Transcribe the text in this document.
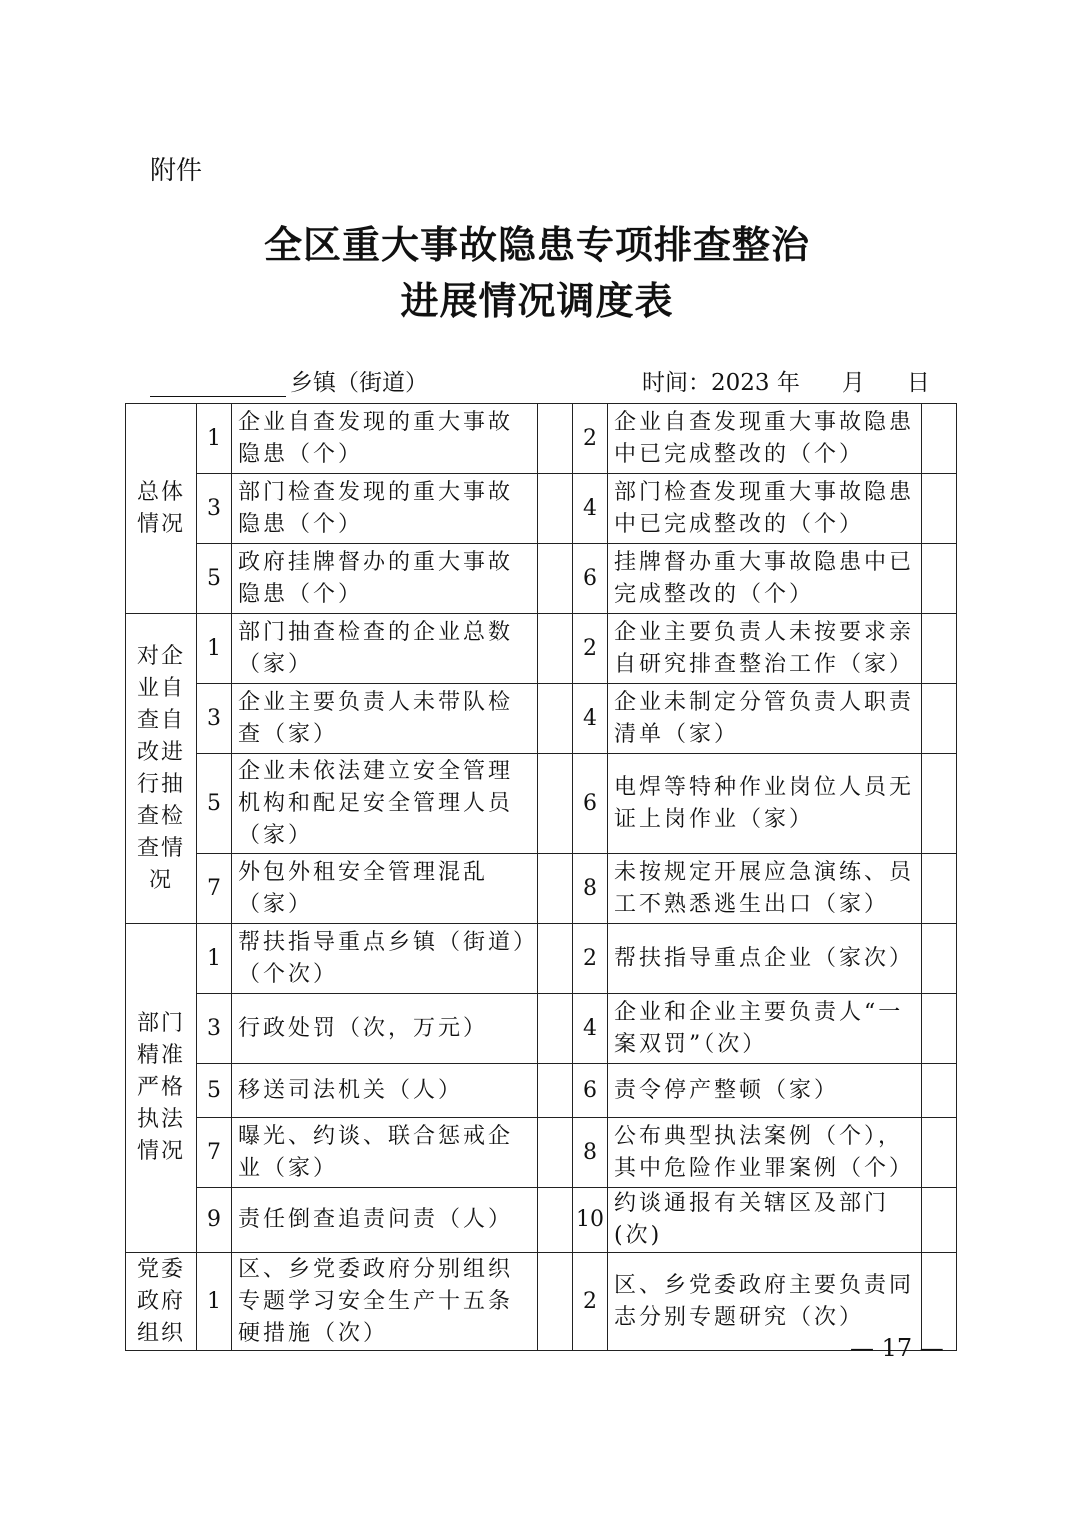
附件
全区重大事故隐患专项排查整治
进展情况调度表
乡镇（街道）	时间：2023 年 月 日
总体情况	1	企业自查发现的重大事故隐患（个）		2	企业自查发现重大事故隐患中已完成整改的（个）	
	3	部门检查发现的重大事故隐患（个）		4	部门检查发现重大事故隐患中已完成整改的（个）	
	5	政府挂牌督办的重大事故隐患（个）		6	挂牌督办重大事故隐患中已完成整改的（个）	
对企业自查自改进行抽查检查情况	1	部门抽查检查的企业总数（家）		2	企业主要负责人未按要求亲自研究排查整治工作（家）	
	3	企业主要负责人未带队检查（家）		4	企业未制定分管负责人职责清单（家）	
	5	企业未依法建立安全管理机构和配足安全管理人员（家）		6	电焊等特种作业岗位人员无证上岗作业（家）	
	7	外包外租安全管理混乱（家）		8	未按规定开展应急演练、员工不熟悉逃生出口（家）	
部门精准严格执法情况	1	帮扶指导重点乡镇（街道）（个次）		2	帮扶指导重点企业（家次）	
	3	行政处罚（次，万元）		4	企业和企业主要负责人“一案双罚”（次）	
	5	移送司法机关（人）		6	责令停产整顿（家）	
	7	曝光、约谈、联合惩戒企业（家）		8	公布典型执法案例（个），其中危险作业罪案例（个）	
	9	责任倒查追责问责（人）		10	约谈通报有关辖区及部门(次)	
党委政府组织	1	区、乡党委政府分别组织专题学习安全生产十五条硬措施（次）		2	区、乡党委政府主要负责同志分别专题研究（次）	
— 17 —
